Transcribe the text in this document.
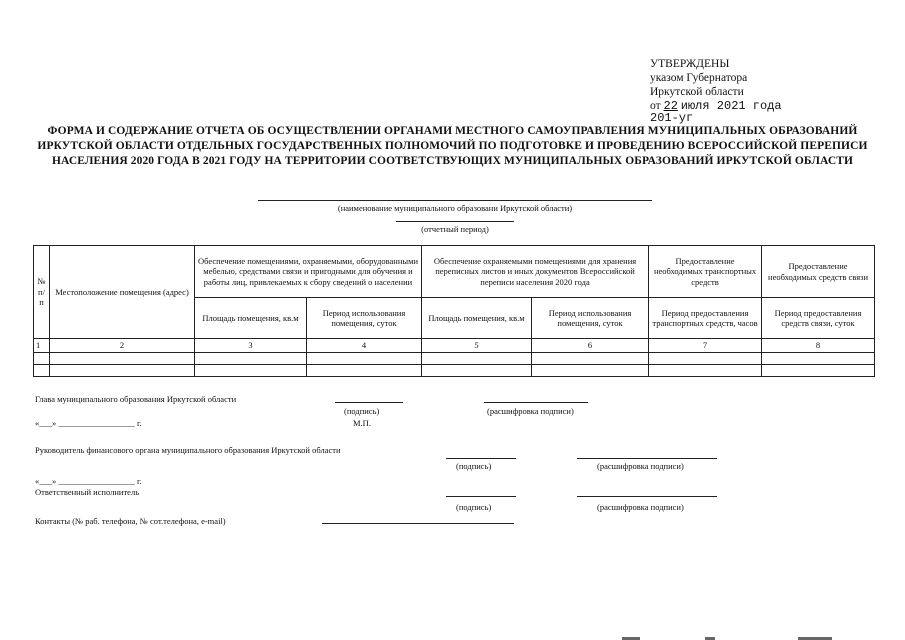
УТВЕРЖДЕНЫ
указом Губернатора
Иркутской области
от 22 июля 2021 года
201-уг
ФОРМА И СОДЕРЖАНИЕ ОТЧЕТА ОБ ОСУЩЕСТВЛЕНИИ ОРГАНАМИ МЕСТНОГО САМОУПРАВЛЕНИЯ МУНИЦИПАЛЬНЫХ ОБРАЗОВАНИЙ ИРКУТСКОЙ ОБЛАСТИ ОТДЕЛЬНЫХ ГОСУДАРСТВЕННЫХ ПОЛНОМОЧИЙ ПО ПОДГОТОВКЕ И ПРОВЕДЕНИЮ ВСЕРОССИЙСКОЙ ПЕРЕПИСИ НАСЕЛЕНИЯ 2020 ГОДА В 2021 ГОДУ НА ТЕРРИТОРИИ СООТВЕТСТВУЮЩИХ МУНИЦИПАЛЬНЫХ ОБРАЗОВАНИЙ ИРКУТСКОЙ ОБЛАСТИ
(наименование муниципального образовани Иркутской области)
(отчетный период)
№ п/п	Местоположение помещения (адрес)	Обеспечение помещениями, охраняемыми, оборудованными мебелью, средствами связи и пригодными для обучения и работы лиц, привлекаемых к сбору сведений о населении		Обеспечение охраняемыми помещениями для хранения переписных листов и иных документов Всероссийской переписи населения 2020 года		Предоставление необходимых транспортных средств	Предоставление необходимых средств связи
		Площадь помещения, кв.м	Период использования помещения, суток	Площадь помещения, кв.м	Период использования помещения, суток	Период предоставления транспортных средств, часов	Период предоставления средств связи, суток
1	2	3	4	5	6	7	8

Глава муниципального образования Иркутской области
(подпись)	(расшифровка подписи)
«___» __________________ г.	М.П.
Руководитель финансового органа муниципального образования Иркутской области
(подпись)	(расшифровка подписи)
«___» __________________ г.
Ответственный исполнитель
(подпись)	(расшифровка подписи)
Контакты (№ раб. телефона, № сот.телефона, e-mail)
